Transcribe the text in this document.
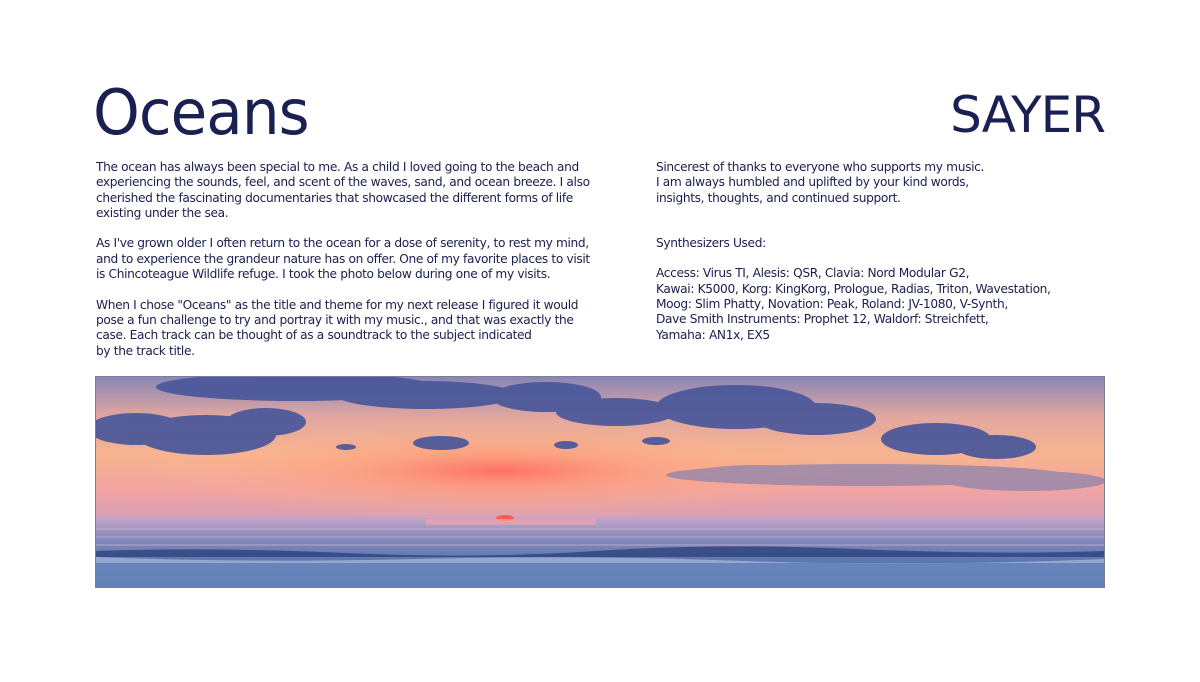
Oceans	SAYER

The ocean has always been special to me. As a child I loved going to the beach and
experiencing the sounds, feel, and scent of the waves, sand, and ocean breeze. I also
cherished the fascinating documentaries that showcased the different forms of life
existing under the sea.

As I've grown older I often return to the ocean for a dose of serenity, to rest my mind,
and to experience the grandeur nature has on offer. One of my favorite places to visit
is Chincoteague Wildlife refuge. I took the photo below during one of my visits.

When I chose "Oceans" as the title and theme for my next release I figured it would
pose a fun challenge to try and portray it with my music., and that was exactly the
case. Each track can be thought of as a soundtrack to the subject indicated
by the track title.

Sincerest of thanks to everyone who supports my music.
I am always humbled and uplifted by your kind words,
insights, thoughts, and continued support.

Synthesizers Used:

Access: Virus TI, Alesis: QSR, Clavia: Nord Modular G2,
Kawai: K5000, Korg: KingKorg, Prologue, Radias, Triton, Wavestation,
Moog: Slim Phatty, Novation: Peak, Roland: JV-1080, V-Synth,
Dave Smith Instruments: Prophet 12, Waldorf: Streichfett,
Yamaha: AN1x, EX5
